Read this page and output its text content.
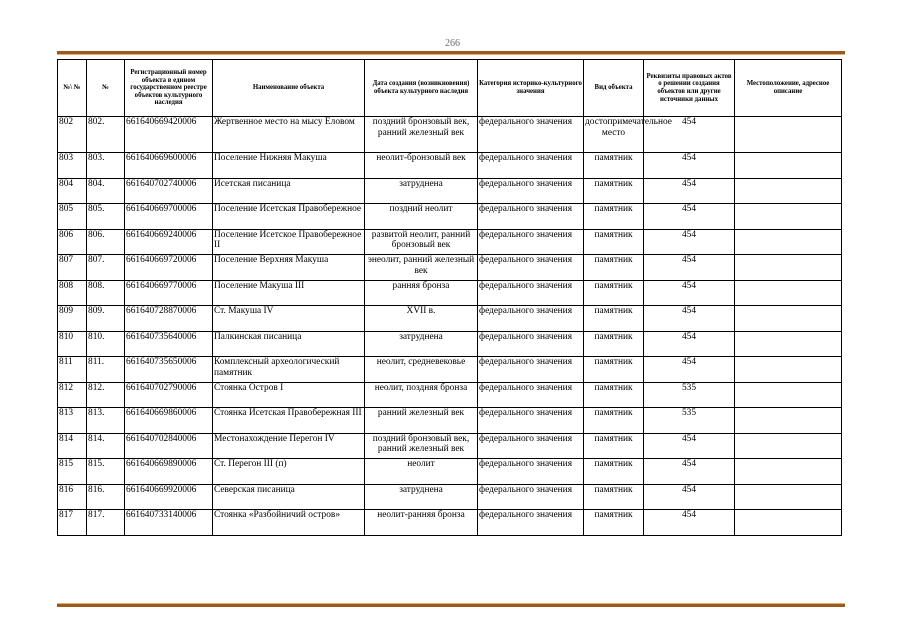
266
№\ №	№	Регистрационный номер объекта в едином государственном реестре объектов культурного наследия	Наименование объекта	Дата создания (возникновения) объекта культурного наследия	Категория историко-культурного значения	Вид объекта	Реквизиты правовых актов о решении создания объектов или другие источники данных	Местоположение, адресное описание
802	802.	661640669420006	Жертвенное место на мысу Еловом	поздний бронзовый век, ранний железный век	федерального значения	достопримечательное место	454	
803	803.	661640669600006	Поселение Нижняя Макуша	неолит-бронзовый век	федерального значения	памятник	454	
804	804.	661640702740006	Исетская писаница	затруднена	федерального значения	памятник	454	
805	805.	661640669700006	Поселение Исетская Правобережное	поздний неолит	федерального значения	памятник	454	
806	806.	661640669240006	Поселение Исетское Правобережное II	развитой неолит, ранний бронзовый век	федерального значения	памятник	454	
807	807.	661640669720006	Поселение Верхняя Макуша	энеолит, ранний железный век	федерального значения	памятник	454	
808	808.	661640669770006	Поселение Макуша III	ранняя бронза	федерального значения	памятник	454	
809	809.	661640728870006	Ст. Макуша IV	XVII в.	федерального значения	памятник	454	
810	810.	661640735640006	Палкинская писаница	затруднена	федерального значения	памятник	454	
811	811.	661640735650006	Комплексный археологический памятник	неолит, средневековье	федерального значения	памятник	454	
812	812.	661640702790006	Стоянка Остров I	неолит, поздняя бронза	федерального значения	памятник	535	
813	813.	661640669860006	Стоянка Исетская Правобережная III	ранний железный век	федерального значения	памятник	535	
814	814.	661640702840006	Местонахождение Перегон IV	поздний бронзовый век, ранний железный век	федерального значения	памятник	454	
815	815.	661640669890006	Ст. Перегон III (п)	неолит	федерального значения	памятник	454	
816	816.	661640669920006	Северская писаница	затруднена	федерального значения	памятник	454	
817	817.	661640733140006	Стоянка «Разбойничий остров»	неолит-ранняя бронза	федерального значения	памятник	454	
